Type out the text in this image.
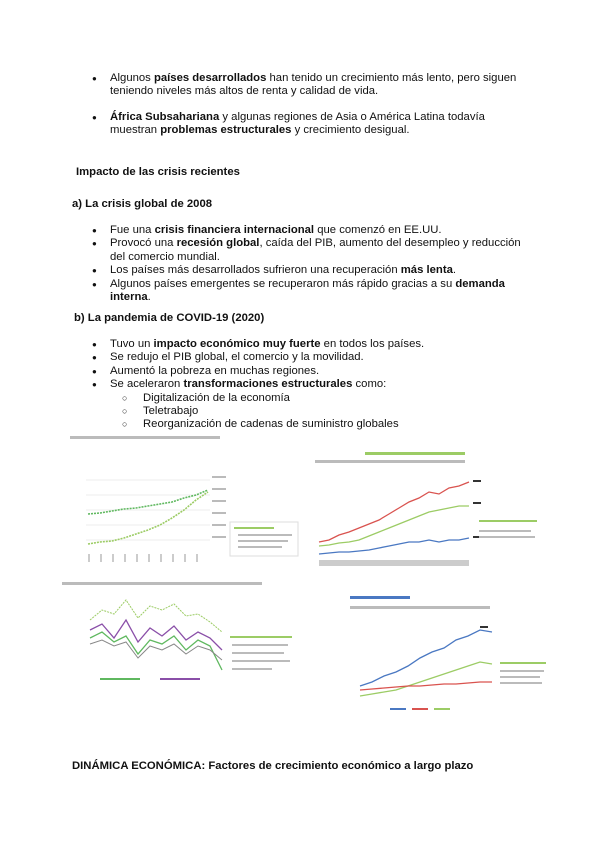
● Algunos países desarrollados han tenido un crecimiento más lento, pero siguen teniendo niveles más altos de renta y calidad de vida.
● África Subsahariana y algunas regiones de Asia o América Latina todavía muestran problemas estructurales y crecimiento desigual.
Impacto de las crisis recientes
a) La crisis global de 2008
● Fue una crisis financiera internacional que comenzó en EE.UU.
● Provocó una recesión global, caída del PIB, aumento del desempleo y reducción del comercio mundial.
● Los países más desarrollados sufrieron una recuperación más lenta.
● Algunos países emergentes se recuperaron más rápido gracias a su demanda interna.
b) La pandemia de COVID-19 (2020)
● Tuvo un impacto económico muy fuerte en todos los países.
● Se redujo el PIB global, el comercio y la movilidad.
● Aumentó la pobreza en muchas regiones.
● Se aceleraron transformaciones estructurales como:
○ Digitalización de la economía
○ Teletrabajo
○ Reorganización de cadenas de suministro globales
DINÁMICA ECONÓMICA: Factores de crecimiento económico a largo plazo
